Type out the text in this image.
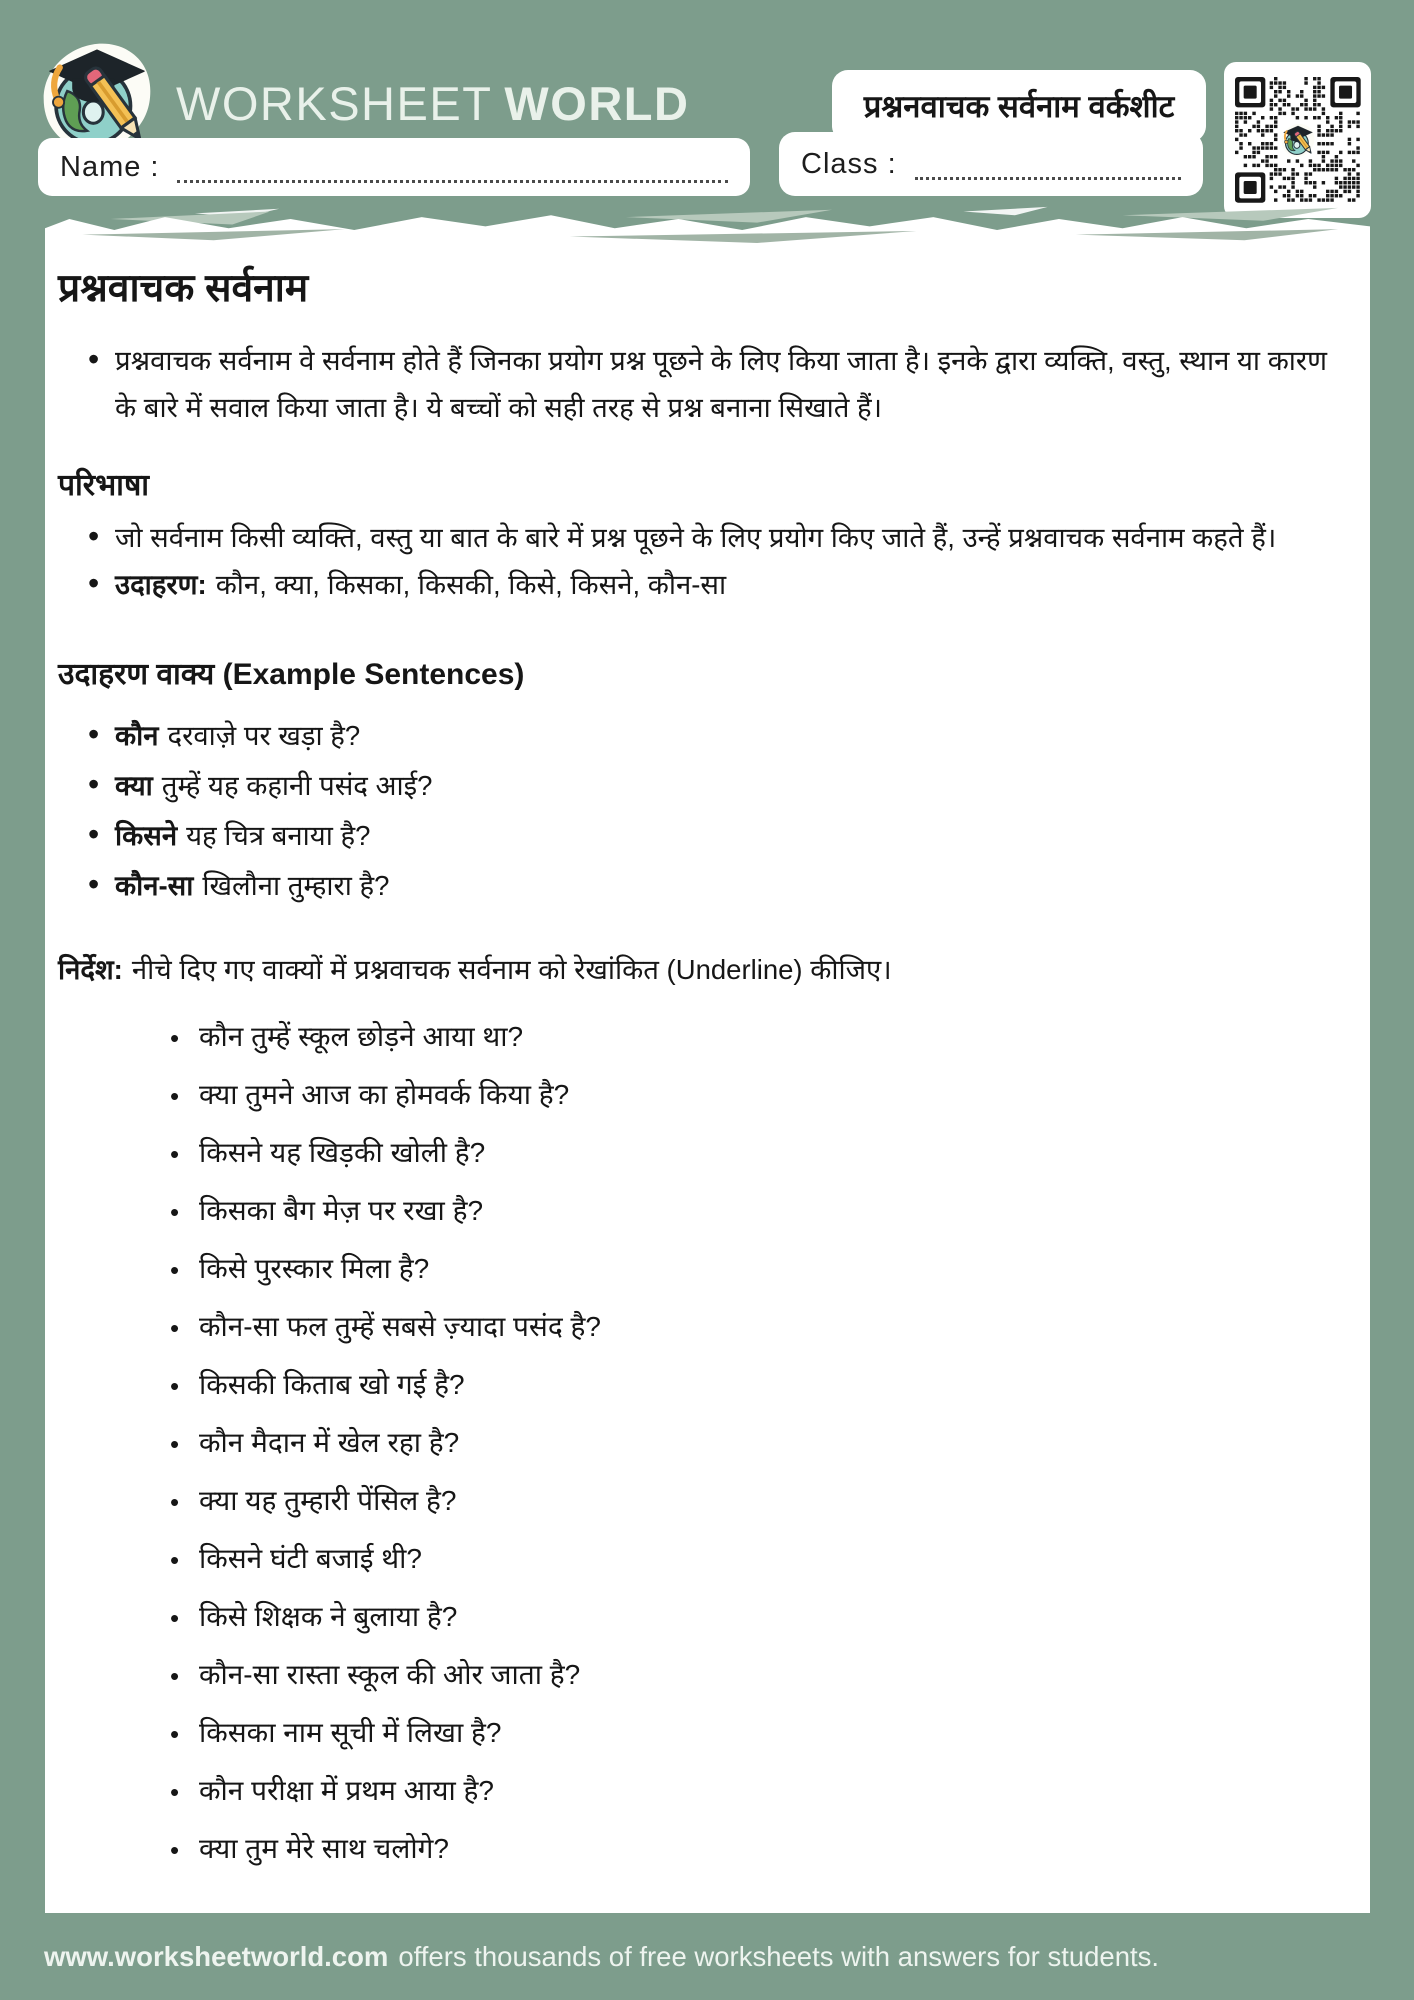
WORKSHEET WORLD	प्रश्ननवाचक सर्वनाम वर्कशीट
Name :	Class :
प्रश्नवाचक सर्वनाम
• प्रश्नवाचक सर्वनाम वे सर्वनाम होते हैं जिनका प्रयोग प्रश्न पूछने के लिए किया जाता है। इनके द्वारा व्यक्ति, वस्तु, स्थान या कारण के बारे में सवाल किया जाता है। ये बच्चों को सही तरह से प्रश्न बनाना सिखाते हैं।
परिभाषा
• जो सर्वनाम किसी व्यक्ति, वस्तु या बात के बारे में प्रश्न पूछने के लिए प्रयोग किए जाते हैं, उन्हें प्रश्नवाचक सर्वनाम कहते हैं।
• उदाहरण: कौन, क्या, किसका, किसकी, किसे, किसने, कौन-सा
उदाहरण वाक्य (Example Sentences)
• कौन दरवाज़े पर खड़ा है?
• क्या तुम्हें यह कहानी पसंद आई?
• किसने यह चित्र बनाया है?
• कौन-सा खिलौना तुम्हारा है?

निर्देश: नीचे दिए गए वाक्यों में प्रश्नवाचक सर्वनाम को रेखांकित (Underline) कीजिए।

• कौन तुम्हें स्कूल छोड़ने आया था?
• क्या तुमने आज का होमवर्क किया है?
• किसने यह खिड़की खोली है?
• किसका बैग मेज़ पर रखा है?
• किसे पुरस्कार मिला है?
• कौन-सा फल तुम्हें सबसे ज़्यादा पसंद है?
• किसकी किताब खो गई है?
• कौन मैदान में खेल रहा है?
• क्या यह तुम्हारी पेंसिल है?
• किसने घंटी बजाई थी?
• किसे शिक्षक ने बुलाया है?
• कौन-सा रास्ता स्कूल की ओर जाता है?
• किसका नाम सूची में लिखा है?
• कौन परीक्षा में प्रथम आया है?
• क्या तुम मेरे साथ चलोगे?
www.worksheetworld.com offers thousands of free worksheets with answers for students.
